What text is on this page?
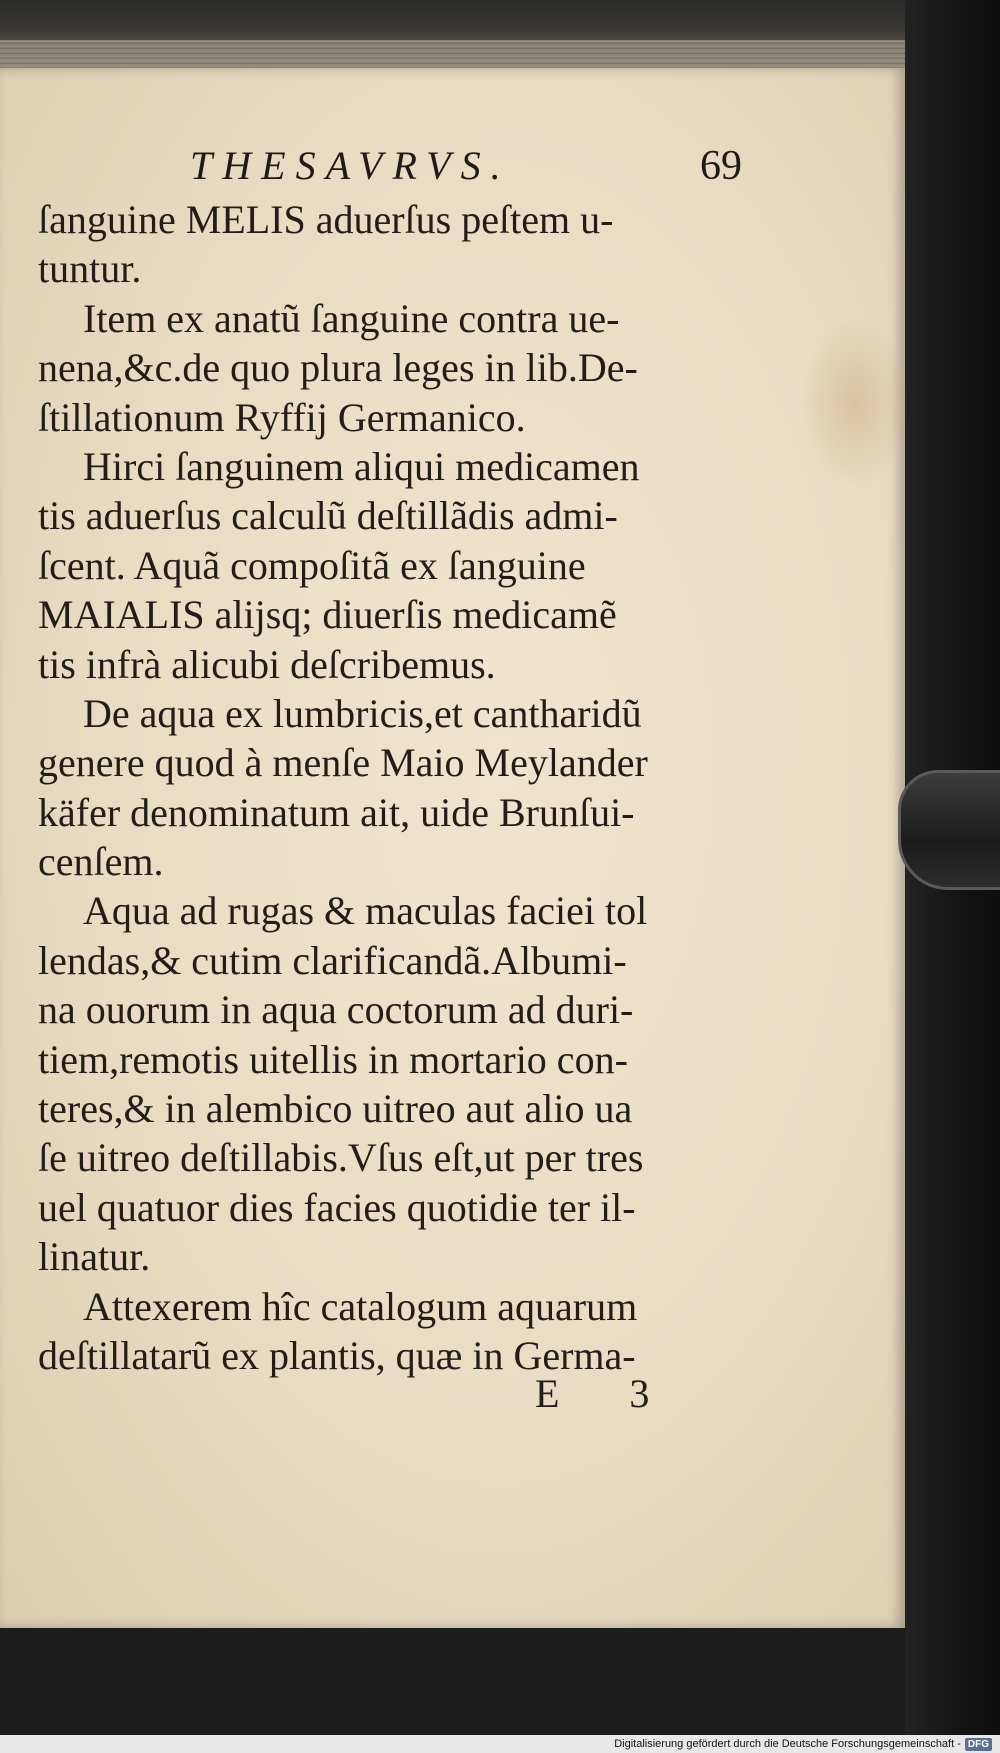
THESAVRVS.	69
ſanguine MELIS aduerſus peſtem u-
tuntur.
Item ex anatũ ſanguine contra ue-
nena,&c.de quo plura leges in lib.De-
ſtillationum Ryffij Germanico.
Hirci ſanguinem aliqui medicamen
tis aduerſus calculũ deſtillãdis admi-
ſcent. Aquã compoſitã ex ſanguine
MAIALIS alijsq; diuerſis medicamẽ
tis infrà alicubi deſcribemus.
De aqua ex lumbricis,et cantharidũ
genere quod à menſe Maio Meylander
käfer denominatum ait, uide Brunſui-
cenſem.
Aqua ad rugas & maculas faciei tol
lendas,& cutim clarificandã.Albumi-
na ouorum in aqua coctorum ad duri-
tiem,remotis uitellis in mortario con-
teres,& in alembico uitreo aut alio ua
ſe uitreo deſtillabis.Vſus eſt,ut per tres
uel quatuor dies facies quotidie ter il-
linatur.
Attexerem hîc catalogum aquarum
deſtillatarũ ex plantis, quæ in Germa-
E 3
Digitalisierung gefördert durch die Deutsche Forschungsgemeinschaft - DFG
